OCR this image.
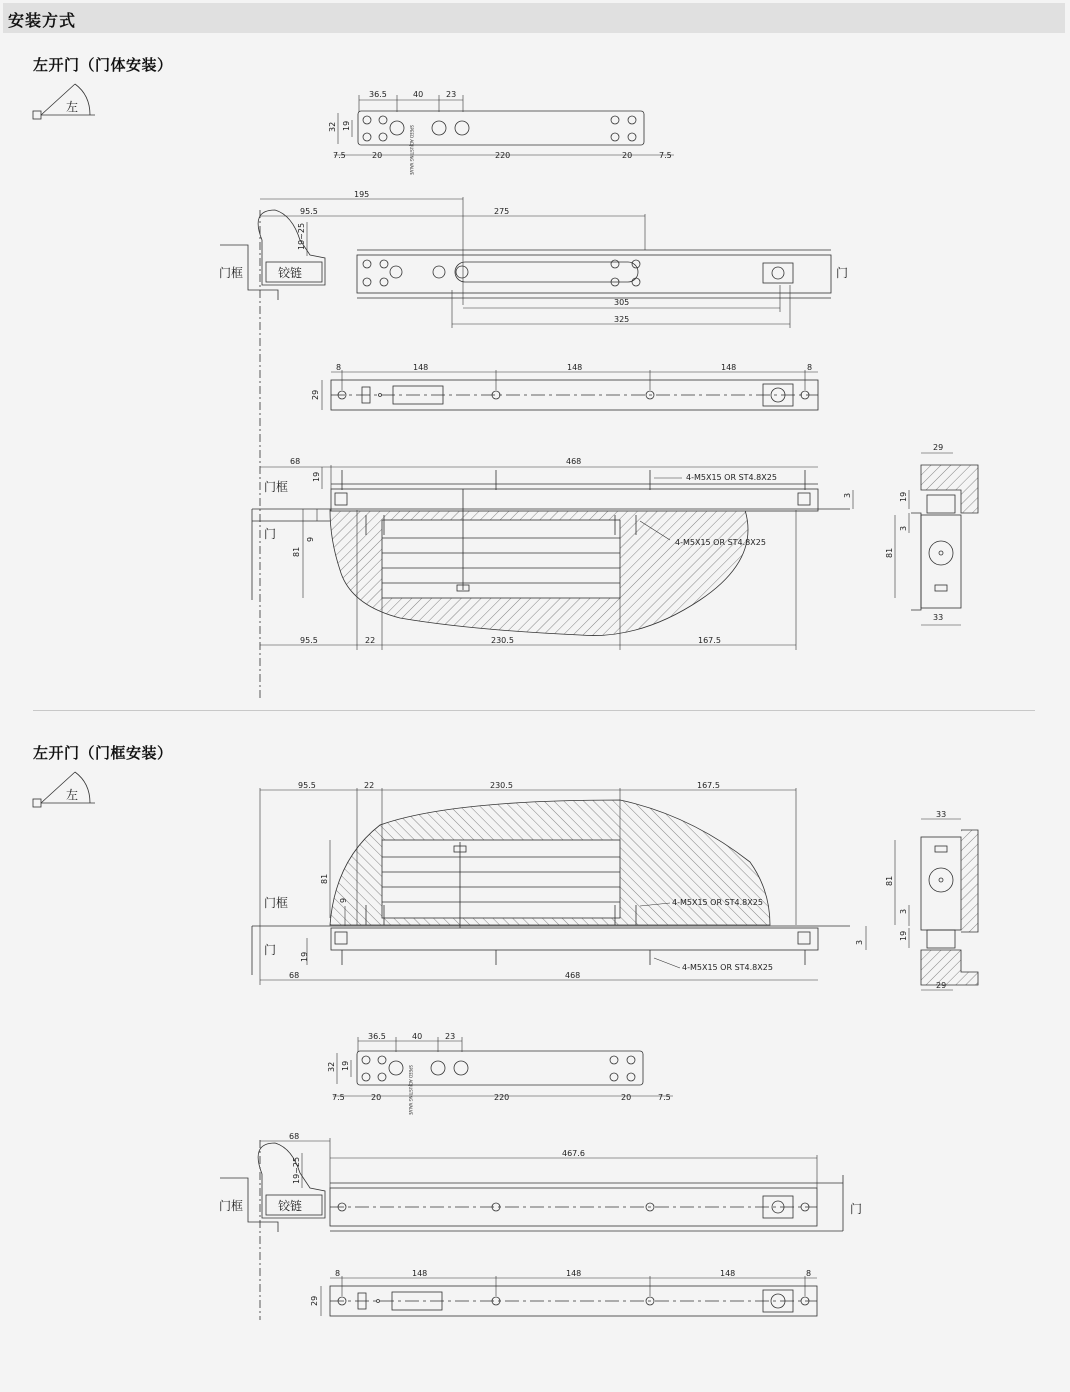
安装方式
左开门（门体安装）
左开门（门框安装）
左
SPEED ADJUSTING VALVE
36.5	40	23
32 19
7.5	20	220	20	7.5
门框	铰链	门
195
275
95.5
19~25
305
325
8	148	148	148	8
29
68	468
19
3
9
81
95.5	22	230.5	167.5
4-M5X15 OR ST4.8X25
4-M5X15 OR ST4.8X25
门框
门
29
19
3
81
33
左
95.5	22	230.5	167.5
81
9
19
3
68	468
4-M5X15 OR ST4.8X25
4-M5X15 OR ST4.8X25
门框
门
33
81
3
19
29
SPEED ADJUSTING VALVE
36.5	40	23
32 19
7.5	20	220	20	7.5
68
467.6
19~25
门框	铰链	门
8	148	148	148	8
29
